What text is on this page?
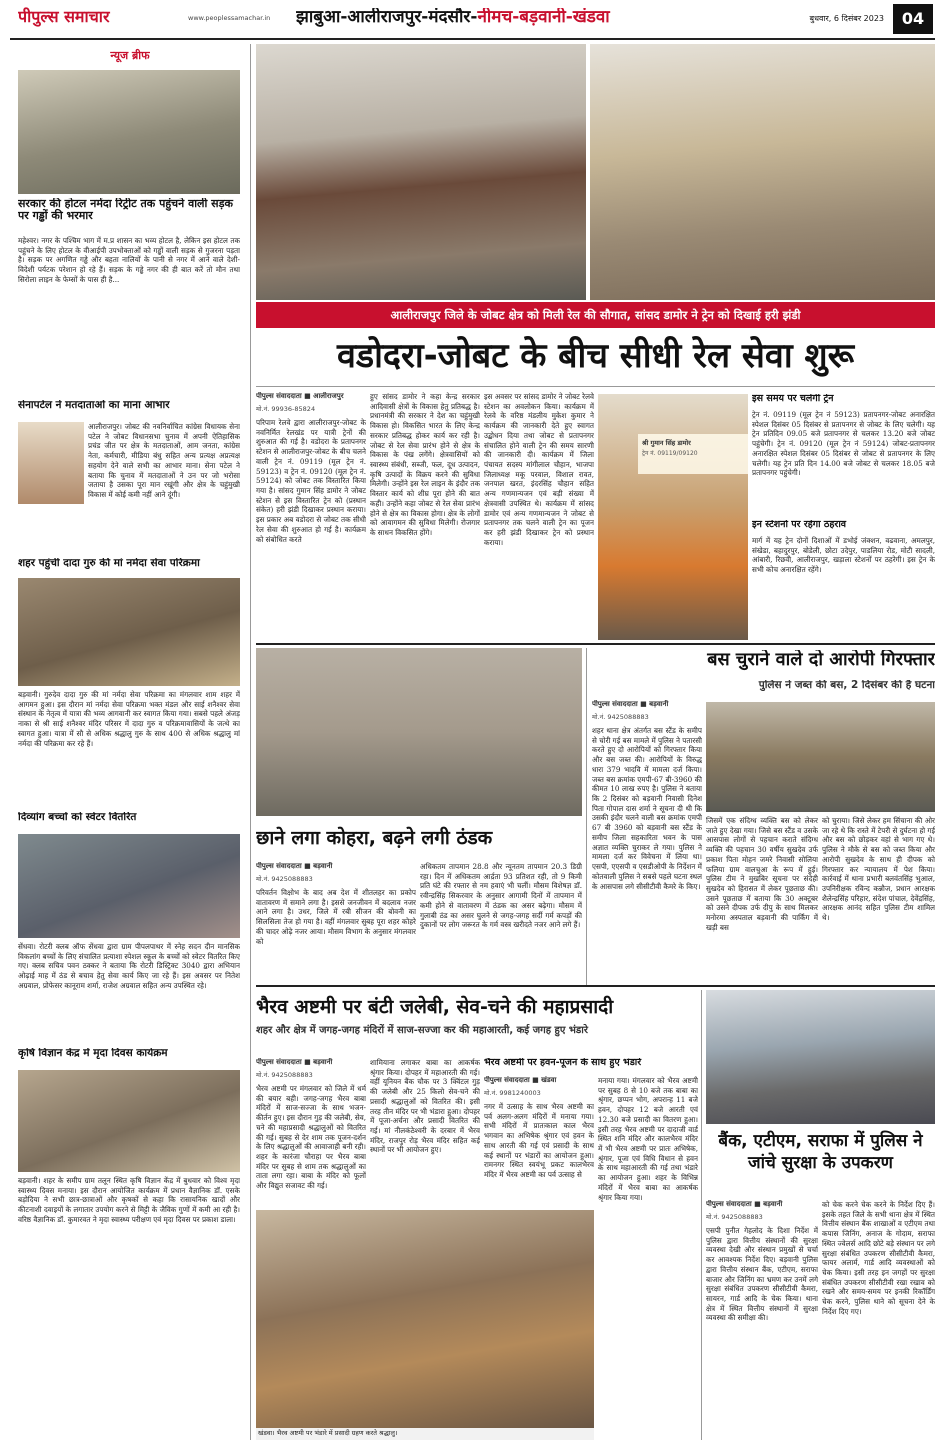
पीपुल्स समाचार	www.peoplessamachar.in	झाबुआ-आलीराजपुर-मंदसौर-नीमच-बड़वानी-खंडवा	बुधवार, 6 दिसंबर 2023	04
न्यूज ब्रीफ
सरकार की होटल नर्मदा रिट्रीट तक पहुंचने वाली सड़क पर गड्ढों की भरमार
महेश्वर। नगर के पश्चिम भाग में म.प्र शासन का भव्य होटल है, लेकिन इस होटल तक पहुंचने के लिए होटल के वीआईपी उपभोक्ताओं को गड्ढों वाली सड़क से गुजरना पड़ता है। सड़क पर अगणित गड्ढे और बहता नालियों के पानी से नगर में आने वाले देशी-विदेशी पर्यटक परेशान हो रहे हैं। सड़क के गड्ढे नगर की ही बात करें तो मौन तथा सिरोला लाइन के फेम्सों के पास ही है...
सेनापटेल ने मतदाताओं का माना आभार
आलीराजपुर। जोबट की नवनिर्वाचित कांग्रेस विधायक सेना पटेल ने जोबट विधानसभा चुनाव में अपनी ऐतिहासिक प्रचंड जीत पर क्षेत्र के मतदाताओं, आम जनता, कांग्रेस नेता, कर्मचारी, मीडिया बंधु सहित अन्य प्रत्यक्ष अप्रत्यक्ष सहयोग देने वाले सभी का आभार माना। सेना पटेल ने बताया कि चुनाव में मतदाताओं ने उन पर जो भरोसा जताया है उसका पूरा मान रखूंगी और क्षेत्र के चहुंमुखी विकास में कोई कमी नहीं आने दूंगी।
शहर पहुंची दादा गुरु की मां नर्मदा सेवा परिक्रमा
बड़वानी। गुरुदेव दादा गुरु की मां नर्मदा सेवा परिक्रमा का मंगलवार शाम शहर में आगमन हुआ। इस दौरान मां नर्मदा सेवा परिक्रमा भक्त मंडल और साई शनैश्वर सेवा संस्थान के नेतृत्व में यात्रा की भव्य आगवानी कर स्वागत किया गया। सबसे पहले अंजड़ नाका से श्री साई शनैश्वर मंदिर परिसर में दादा गुरु व परिक्रमावासियों के जत्थे का स्वागत हुआ। यात्रा में सौ से अधिक श्रद्धालु गुरु के साथ 400 से अधिक श्रद्धालु मां नर्मदा की परिक्रमा कर रहे हैं।
दिव्यांग बच्चों को स्वेटर वितरित
सेंधवा। रोटरी क्लब ऑफ सेंधवा द्वारा ग्राम पीपलपाथर में स्नेह सदन दीन मानसिक विकलांग बच्चों के लिए संचालित प्रत्याशा स्पेशल स्कूल के बच्चों को स्वेटर वितरित किए गए। क्लब सचिव पवन ठक्कर ने बताया कि रोटरी डिस्ट्रिक्ट 3040 द्वारा अभियान ओढ़ाई माह में ठंड से बचाव हेतु सेवा कार्य किए जा रहे हैं। इस अवसर पर नितेश अग्रवाल, प्रोफेसर कानूराम शर्मा, राजेश अग्रवाल सहित अन्य उपस्थित रहे।
कृषि विज्ञान केंद्र में मृदा दिवस कार्यक्रम
बड़वानी। शहर के समीप ग्राम तलून स्थित कृषि विज्ञान केंद्र में बुधवार को विश्व मृदा स्वास्थ्य दिवस मनाया। इस दौरान आयोजित कार्यक्रम में प्रधान वैज्ञानिक डॉ. एसके बड़ोदिया ने सभी छात्र-छात्राओं और कृषकों से कहा कि रासायनिक खादों और कीटनाशी दवाइयों के लगातार उपयोग करने से मिट्टी के जैविक गुणों में कमी आ रही है। वरिष्ठ वैज्ञानिक डॉ. कुमारवत ने मृदा स्वास्थ्य परीक्षण एवं मृदा दिवस पर प्रकाश डाला।
आलीराजपुर जिले के जोबट क्षेत्र को मिली रेल की सौगात, सांसद डामोर ने ट्रेन को दिखाई हरी झंडी
वडोदरा-जोबट के बीच सीधी रेल सेवा शुरू
पीपुल्स संवाददाता ■ आलीराजपुर
मो.नं. 99936-85824
परिपाम रेलवे द्वारा आलीराजपुर-जोबट के नवनिर्मित रेलखंड पर यात्री ट्रेनों की शुरुआत की गई है। वडोदरा के प्रतापनगर स्टेशन से आलीराजपुर-जोबट के बीच चलने वाली ट्रेन नं. 09119 (मूल ट्रेन नं. 59123) व ट्रेन नं. 09120 (मूल ट्रेन नं. 59124) को जोबट तक विस्तारित किया गया है। सांसद गुमान सिंह डामोर ने जोबट स्टेशन से इस विस्तारित ट्रेन को (प्रस्थान संकेत) हरी झंडी दिखाकर प्रस्थान कराया। इस प्रकार अब वडोदरा से जोबट तक सीधी रेल सेवा की शुरुआत हो गई है। कार्यक्रम को संबोधित करते
हुए सांसद डामोर ने कहा केन्द्र सरकार आदिवासी क्षेत्रों के विकास हेतु प्रतिबद्ध है। प्रधानमंत्री की सरकार ने देश का चहुंमुखी विकास हो। विकसित भारत के लिए केन्द्र सरकार प्रतिबद्ध होकर कार्य कर रही है। जोबट से रेल सेवा प्रारंभ होने से क्षेत्र के विकास के पंख लगेंगे। क्षेत्रवासियों को स्वास्थ्य संबंधी, सब्जी, फल, दूध उत्पादन, कृषि उत्पादों के विक्रय करने की सुविधा मिलेगी। उन्होंने इस रेल लाइन के इंदौर तक विस्तार कार्य को शीघ्र पूरा होने की बात कही। उन्होंने कहा जोबट से रेल सेवा प्रारंभ होने से क्षेत्र का विकास होगा। क्षेत्र के लोगों को आवागमन की सुविधा मिलेगी। रोजगार के साधन विकसित होंगे।
इस अवसर पर सांसद डामोर ने जोबट रेलवे स्टेशन का अवलोकन किया। कार्यक्रम में रेलवे के वरिष्ठ मंडलीय मुकेश कुमार ने कार्यक्रम की जानकारी देते हुए स्वागत उद्बोधन दिया तथा जोबट से प्रतापनगर संचालित होने वाली ट्रेन की समय सारणी की जानकारी दी। कार्यक्रम में जिला पंचायत सदस्य मांगीलाल चौहान, भाजपा जिलाध्यक्ष मकू परवाल, विशाल रावत, जनपाल खरत, इंदरसिंह चौहान सहित अन्य गणमान्यजन एवं बड़ी संख्या में क्षेत्रवासी उपस्थित थे। कार्यक्रम में सांसद डामोर एवं अन्य गणमान्यजन ने जोबट से प्रतापनगर तक चलने वाली ट्रेन का पूजन कर हरी झंडी दिखाकर ट्रेन को प्रस्थान कराया।
श्री गुमान सिंह डामोर
ट्रेन नं. 09119/09120
इस समय पर चलेगी ट्रेन
ट्रेन नं. 09119 (मूल ट्रेन नं 59123) प्रतापनगर-जोबट अनारक्षित स्पेशल दिसंबर 05 दिसंबर से प्रतापनगर से जोबट के लिए चलेगी। यह ट्रेन प्रतिदिन 09.05 बजे प्रतापनगर से चलकर 13.20 बजे जोबट पहुंचेगी। ट्रेन नं. 09120 (मूल ट्रेन नं 59124) जोबट-प्रतापनगर अनारक्षित स्पेशल दिसंबर 05 दिसंबर से जोबट से प्रतापनगर के लिए चलेगी। यह ट्रेन प्रति दिन 14.00 बजे जोबट से चलकर 18.05 बजे प्रतापनगर पहुंचेगी।
इन स्टेशनों पर रहेगा ठहराव
मार्ग में यह ट्रेन दोनों दिशाओं में डभोई जंक्शन, वढवाना, अमलपुर, संखेडा, बहादुरपुर, बोडेली, छोटा उदेपुर, पाडलिया रोड, मोटी सादली, आंबारी, रिछवी, आलीराजपुर, खड़ाला स्टेशनों पर ठहरेगी। इस ट्रेन के सभी कोच अनारक्षित रहेंगे।
छाने लगा कोहरा, बढ़ने लगी ठंडक
पीपुल्स संवाददाता ■ बड़वानी
मो.नं. 9425088883
परिवर्तन विक्षोभ के बाद अब देश में शीतलहर का प्रकोप वातावरण में समाने लगा है। इससे जनजीवन में बदलाव नजर आने लगा है। उधर, जिले में रबी सीजन की बोवनी का सिलसिला तेज हो गया है। वहीं मंगलवार सुबह पूरा शहर कोहरे की चादर ओढ़े नजर आया। मौसम विभाग के अनुसार मंगलवार को
अधिकतम तापमान 28.8 और न्यूनतम तापमान 20.3 डिग्री रहा। दिन में अधिकतम आर्द्रता 93 प्रतिशत रही, तो 9 किमी प्रति घंटे की रफ्तार से नम हवाएं भी चलीं। मौसम विशेषज्ञ डॉ. रवीन्द्रसिंह सिकरवार के अनुसार आगामी दिनों में तापमान में कमी होने से वातावरण में ठंडक का असर बढ़ेगा। मौसम में गुलाबी ठंड का असर घुलने से जगह-जगह सर्दी गर्म कपड़ों की दुकानों पर लोग जरूरत के गर्म वस्त्र खरीदते नजर आने लगे हैं।
बस चुराने वाले दो आरोपी गिरफ्तार
पुलिस ने जब्त की बस, 2 दिसंबर की है घटना
पीपुल्स संवाददाता ■ बड़वानी
मो.नं. 9425088883
शहर थाना क्षेत्र अंतर्गत बस स्टैंड के समीप से चोरी गई बस मामले में पुलिस ने पतारसी करते हुए दो आरोपियों को गिरफ्तार किया और बस जब्त की। आरोपियों के विरुद्ध धारा 379 भादवि में मामला दर्ज किया। जब्त बस क्रमांक एमपी-67 बी-3960 की कीमत 10 लाख रुपए है। पुलिस ने बताया कि 2 दिसंबर को बड़वानी निवासी दिनेश पिता गोपाल दास शर्मा ने सूचना दी थी कि उसकी इंदौर चलने वाली बस क्रमांक एमपी 67 बी 3960 को बड़वानी बस स्टैंड के समीप जिला सहकारिता भवन के पास अज्ञात व्यक्ति चुराकर ले गया। पुलिस ने मामला दर्ज कर विवेचना में लिया था। एसपी, एएसपी व एसडीओपी के निर्देशन में कोतवाली पुलिस ने सबसे पहले घटना स्थल के आसपास लगे सीसीटीवी कैमरे के किए।
जिसमें एक संदिग्ध व्यक्ति बस को लेकर जाते हुए देखा गया। जिसे बस स्टैंड व उसके आसपास लोगों से पहचान कराते संदिग्ध व्यक्ति की पहचान 30 वर्षीय सुखदेव उर्फ प्रकाश पिता मोहन जमरे निवासी सोलिया फलिया ग्राम वालचुआ के रूप में हुई। पुलिस टीम ने मुखबिर सूचना पर संदेही सुखदेव को हिरासत में लेकर पूछताछ की। उसने पूछताछ में बताया कि 30 अक्टूबर को उसने दीपक उर्फ दीपु के साथ मिलकर मनोरमा अस्पताल बड़वानी की पार्किंग में खड़ी बस
को चुराया। जिसे लेकर हम सिंचाना की ओर जा रहे थे कि रास्ते में टेपरी से दुर्घटना हो गई और बस को छोड़कर वहां से भाग गए थे। पुलिस ने मौके से बस को जब्त किया और आरोपी सुखदेव के साथ ही दीपक को गिरफ्तार कर न्यायालय में पेश किया। कार्रवाई में थाना प्रभारी बलवंतसिंह भुआल, उपनिरीक्षक रविन्द कन्नौज, प्रधान आरक्षक शैलेन्द्रसिंह परिहार, संदेश पांचाल, देवेंद्रसिंह, आरक्षक आनंद सहित पुलिस टीम शामिल थे।
भैरव अष्टमी पर बंटी जलेबी, सेव-चने की महाप्रसादी
शहर और क्षेत्र में जगह-जगह मंदिरों में साज-सज्जा कर की महाआरती, कई जगह हुए भंडारे
पीपुल्स संवाददाता ■ बड़वानी
मो.नं. 9425088883
भैरव अष्टमी पर मंगलवार को जिले में धर्म की बयार बही। जगह-जगह भैरव बाबा मंदिरों में साज-सज्जा के साथ भजन-कीर्तन हुए। इस दौरान गुड़ की जलेबी, सेव, चने की महाप्रसादी श्रद्धालुओं को वितरित की गई। सुबह से देर शाम तक पूजन-दर्शन के लिए श्रद्धालुओं की आवाजाही बनी रही। शहर के कारंजा चौराहा पर भैरव बाबा मंदिर पर सुबह से शाम तक श्रद्धालुओं का ताता लगा रहा। बाबा के मंदिर को फूलों और विद्युत सजावट की गई।
शामियाना लगाकर बाबा का आकर्षक श्रृंगार किया। दोपहर में महाआरती की गई। वहीं यूनियन बैंक चौक पर 3 क्विंटल गुड़ की जलेबी और 25 किलो सेव-चने की प्रसादी श्रद्धालुओं को वितरित की। इसी तरह तीन मंदिर पर भी भंडारा हुआ। दोपहर में पूजा-अर्चना और प्रसादी वितरित की गई। मां नीलकंठेश्वरी के दरबार में भैरव मंदिर, राजपुर रोड़ भैरव मंदिर सहित कई स्थानों पर भी आयोजन हुए।
भैरव अष्टमी पर हवन-पूजन के साथ हुए भंडारे
पीपुल्स संवाददाता ■ खंडवा
मो.नं. 9981240003
नगर में उत्साह के साथ भैरव अष्टमी का पर्व अलग-अलग मंदिरों में मनाया गया। सभी मंदिरों में प्रातःकाल काल भैरव भगवान का अभिषेक श्रृंगार एवं हवन के साथ आरती की गई एवं प्रसादी के साथ कई स्थानों पर भंडारों का आयोजन हुआ। रामनगर स्थित स्वयंभू प्रकट कालभैरव मंदिर में भैरव अष्टमी का पर्व उत्साह से
मनाया गया। मंगलवार को भैरव अष्टमी पर सुबह 8 से 10 बजे तक बाबा का श्रृंगार, छप्पन भोग, अपरान्ह 11 बजे हवन, दोपहर 12 बजे आरती एवं 12.30 बजे प्रसादी का वितरण हुआ। इसी तरह भैरव अष्टमी पर दादाजी वार्ड स्थित शनि मंदिर और कालभैरव मंदिर में भी भैरव अष्टमी पर प्रातः अभिषेक, श्रृंगार, पूजा एवं विधि विधान से हवन के साथ महाआरती की गई तथा भंडारे का आयोजन हुआ। शहर के विभिन्न मंदिरों में भैरव बाबा का आकर्षक श्रृंगार किया गया।
खंडवा। भैरव अष्टमी पर भंडारे में प्रसादी ग्रहण करते श्रद्धालु।
बैंक, एटीएम, सराफा में पुलिस ने जांचे सुरक्षा के उपकरण
पीपुल्स संवाददाता ■ बड़वानी
मो.नं. 9425088883
एसपी पुनीत गेहलोद के दिशा निर्देश में पुलिस द्वारा वित्तीय संस्थानों की सुरक्षा व्यवस्था देखी और संस्थान प्रमुखों से चर्चा कर आवश्यक निर्देश दिए। बड़वानी पुलिस द्वारा वित्तीय संस्थान बैंक, एटीएम, सराफा बाजार और जिनिंग का भ्रमण कर उनमें लगे सुरक्षा संबंधित उपकरण सीसीटीवी कैमरा, सायरन, गार्ड आदि के चेक किया। थाना क्षेत्र में स्थित वित्तीय संस्थानों में सुरक्षा व्यवस्था की समीक्षा की।
को चेक करने चेक करने के निर्देश दिए हैं। इसके तहत जिले के सभी थाना क्षेत्र में स्थित वित्तीय संस्थान बैंक शाखाओं व एटीएम तथा कपास जिनिंग, अनाज के गोदाम, सराफा स्थित ज्वेलर्स आदि छोटे बड़े संस्थान पर लगे सुरक्षा संबंधित उपकरण सीसीटीवी कैमरा, फायर अलार्म, गार्ड आदि व्यवस्थाओं को चेक किया। इसी तरह इन जगहों पर सुरक्षा संबंधित उपकरण सीसीटीवी रखा रखाव को रखने और समय-समय पर इनकी रिकॉर्डिंग चेक करने, पुलिस थाने को सूचना देने के निर्देश दिए गए।
